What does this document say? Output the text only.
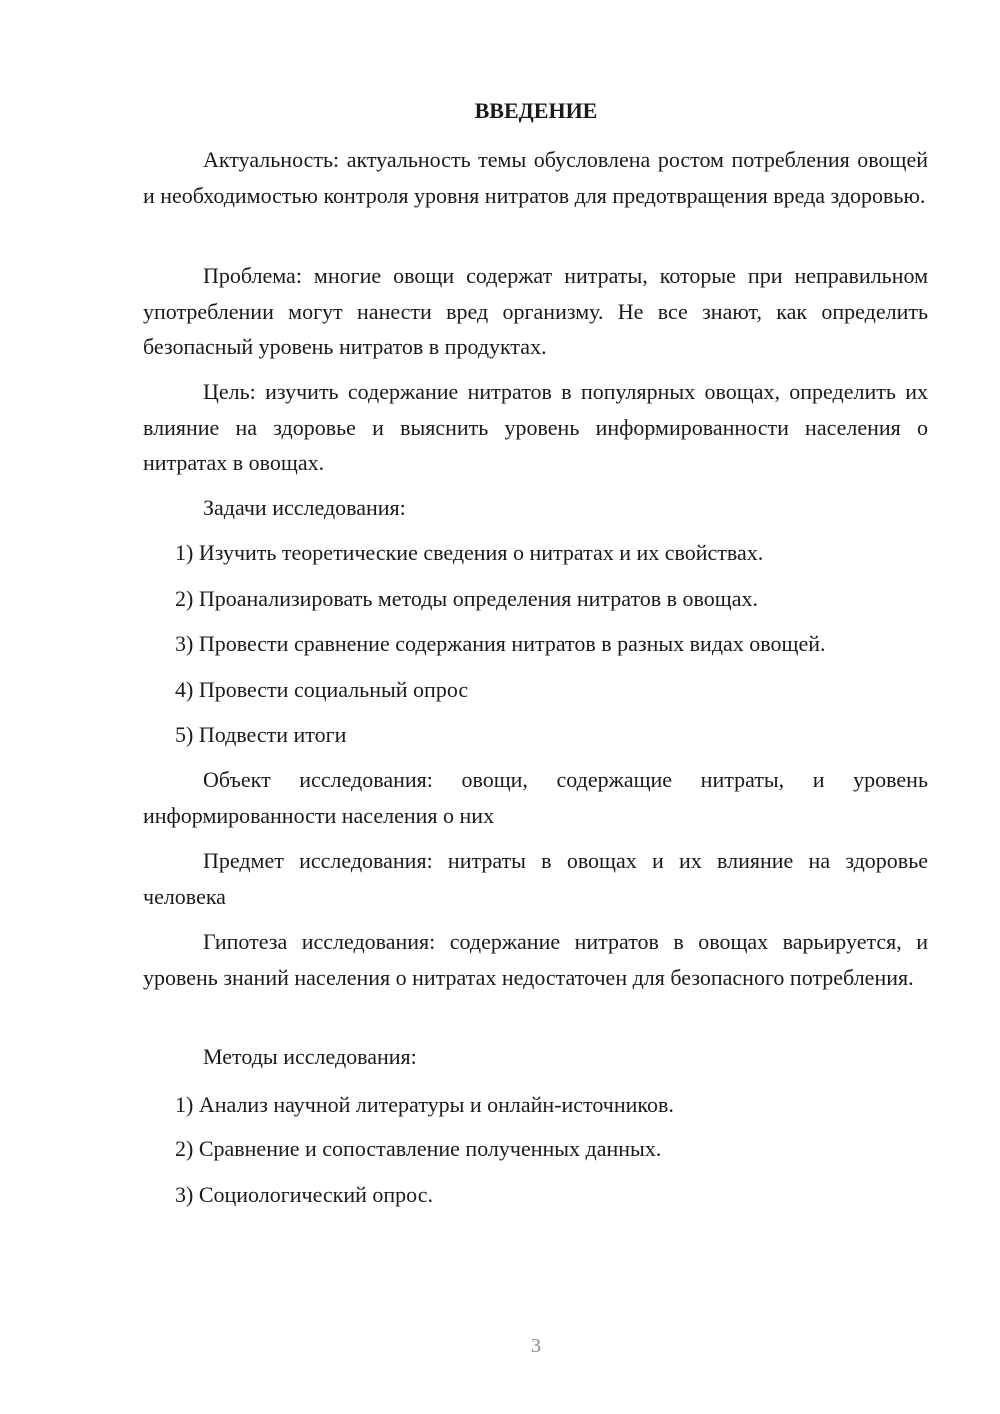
ВВЕДЕНИЕ
Актуальность: актуальность темы обусловлена ростом потребления овощей и необходимостью контроля уровня нитратов для предотвращения вреда здоровью.
Проблема: многие овощи содержат нитраты, которые при неправильном употреблении могут нанести вред организму. Не все знают, как определить безопасный уровень нитратов в продуктах.
Цель: изучить содержание нитратов в популярных овощах, определить их влияние на здоровье и выяснить уровень информированности населения о нитратах в овощах.
Задачи исследования:
1) Изучить теоретические сведения о нитратах и их свойствах.
2) Проанализировать методы определения нитратов в овощах.
3) Провести сравнение содержания нитратов в разных видах овощей.
4) Провести социальный опрос
5) Подвести итоги
Объект исследования: овощи, содержащие нитраты, и уровень информированности населения о них
Предмет исследования: нитраты в овощах и их влияние на здоровье человека
Гипотеза исследования: содержание нитратов в овощах варьируется, и уровень знаний населения о нитратах недостаточен для безопасного потребления.
Методы исследования:
1) Анализ научной литературы и онлайн-источников.
2) Сравнение и сопоставление полученных данных.
3) Социологический опрос.
3
